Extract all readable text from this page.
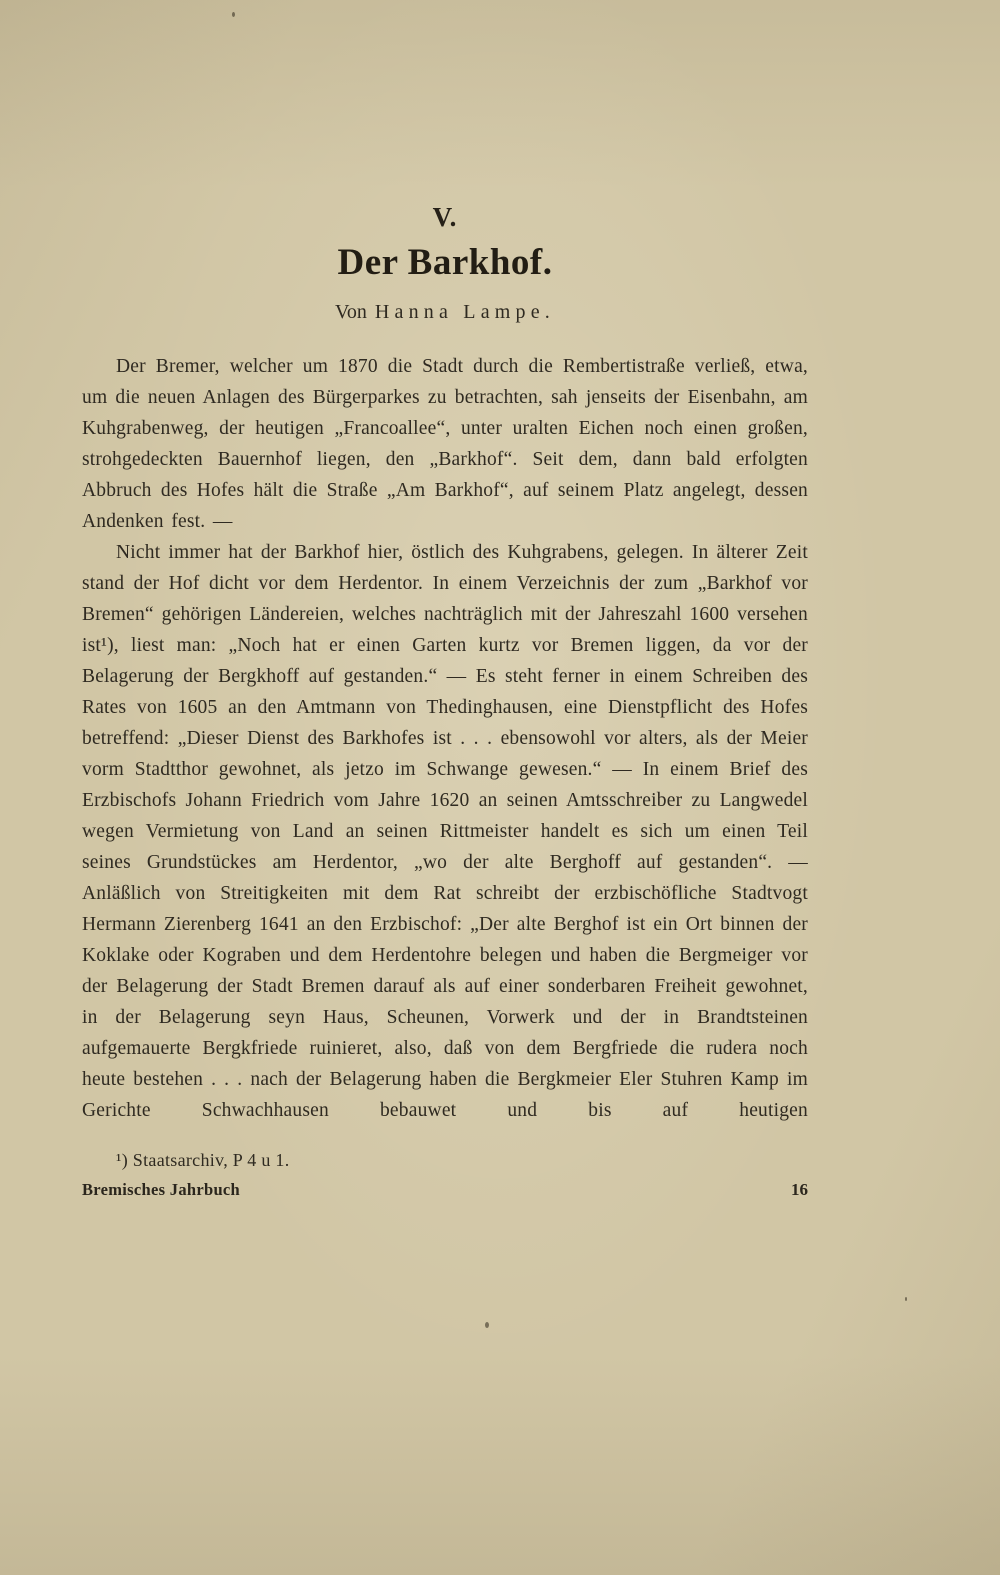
V.
Der Barkhof.
Von Hanna Lampe.

Der Bremer, welcher um 1870 die Stadt durch die Rembertistraße verließ, etwa, um die neuen Anlagen des Bürgerparkes zu betrachten, sah jenseits der Eisenbahn, am Kuhgrabenweg, der heutigen „Francoallee“, unter uralten Eichen noch einen großen, strohgedeckten Bauernhof liegen, den „Barkhof“. Seit dem, dann bald erfolgten Abbruch des Hofes hält die Straße „Am Barkhof“, auf seinem Platz angelegt, dessen Andenken fest. —

Nicht immer hat der Barkhof hier, östlich des Kuhgrabens, gelegen. In älterer Zeit stand der Hof dicht vor dem Herdentor. In einem Verzeichnis der zum „Barkhof vor Bremen“ gehörigen Ländereien, welches nachträglich mit der Jahreszahl 1600 versehen ist¹), liest man: „Noch hat er einen Garten kurtz vor Bremen liggen, da vor der Belagerung der Bergkhoff auf gestanden.“ — Es steht ferner in einem Schreiben des Rates von 1605 an den Amtmann von Thedinghausen, eine Dienstpflicht des Hofes betreffend: „Dieser Dienst des Barkhofes ist . . . ebensowohl vor alters, als der Meier vorm Stadtthor gewohnet, als jetzo im Schwange gewesen.“ — In einem Brief des Erzbischofs Johann Friedrich vom Jahre 1620 an seinen Amtsschreiber zu Langwedel wegen Vermietung von Land an seinen Rittmeister handelt es sich um einen Teil seines Grundstückes am Herdentor, „wo der alte Berghoff auf gestanden“. — Anläßlich von Streitigkeiten mit dem Rat schreibt der erzbischöfliche Stadtvogt Hermann Zierenberg 1641 an den Erzbischof: „Der alte Berghof ist ein Ort binnen der Koklake oder Kograben und dem Herdentohre belegen und haben die Bergmeiger vor der Belagerung der Stadt Bremen darauf als auf einer sonderbaren Freiheit gewohnet, in der Belagerung seyn Haus, Scheunen, Vorwerk und der in Brandtsteinen aufgemauerte Bergkfriede ruinieret, also, daß von dem Bergfriede die rudera noch heute bestehen . . . nach der Belagerung haben die Bergkmeier Eler Stuhren Kamp im Gerichte Schwachhausen bebauwet und bis auf heutigen

¹) Staatsarchiv, P 4 u 1.
Bremisches Jahrbuch	16
